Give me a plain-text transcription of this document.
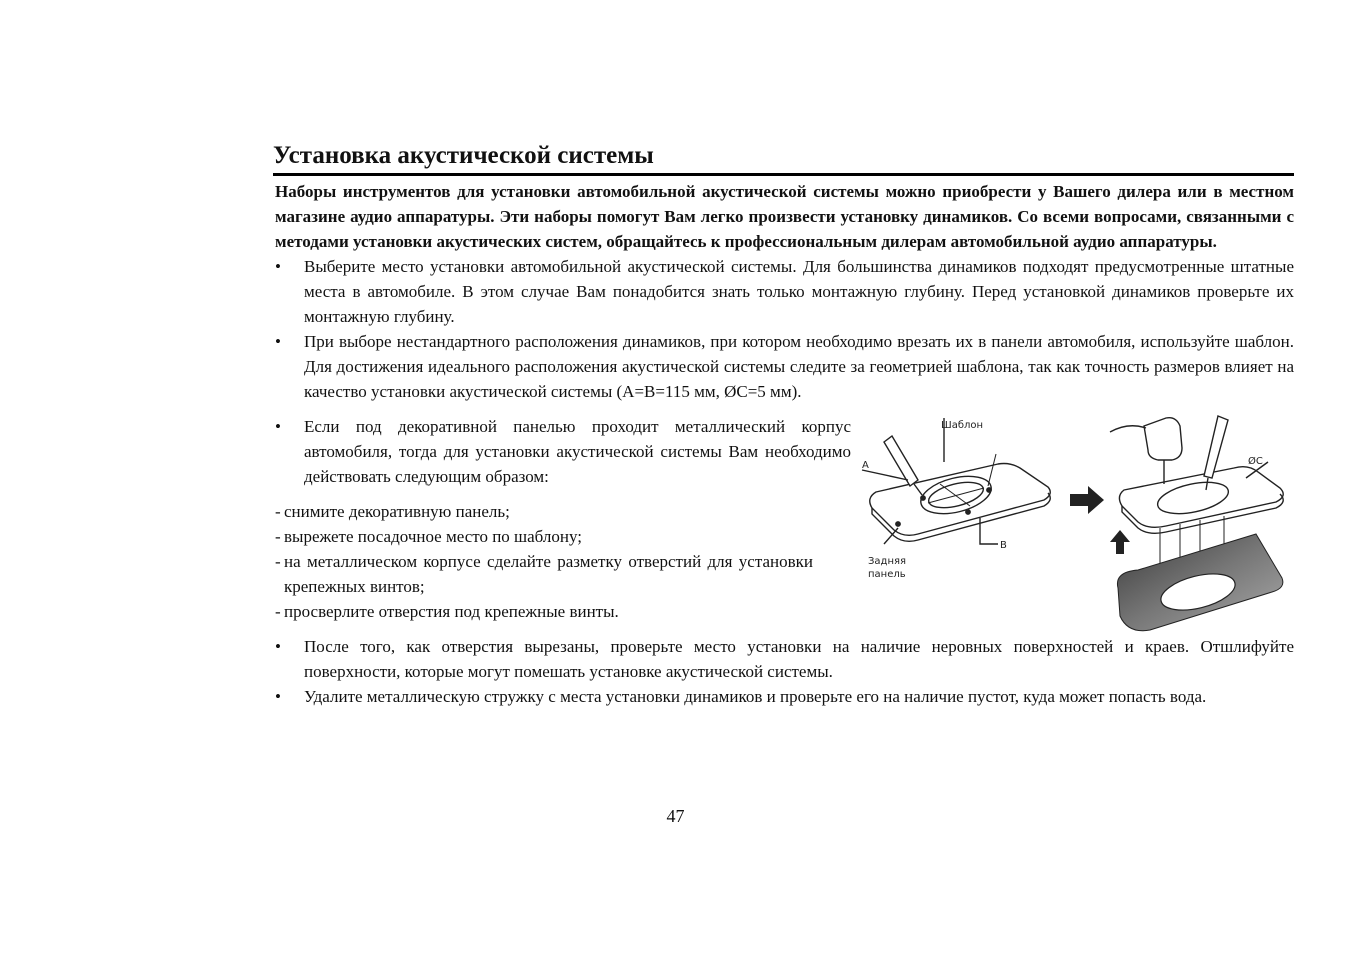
Установка акустической системы

Наборы инструментов для установки автомобильной акустической системы можно приобрести у Вашего дилера или в местном магазине аудио аппаратуры. Эти наборы помогут Вам легко произвести установку динамиков. Со всеми вопросами, связанными с методами установки акустических систем, обращайтесь к профессиональным дилерам автомобильной аудио аппаратуры.

• Выберите место установки автомобильной акустической системы. Для большинства динамиков подходят предусмотренные штатные места в автомобиле. В этом случае Вам понадобится знать только монтажную глубину. Перед установкой динамиков проверьте их монтажную глубину.
• При выборе нестандартного расположения динамиков, при котором необходимо врезать их в панели автомобиля, используйте шаблон. Для достижения идеального расположения акустической системы следите за геометрией шаблона, так как точность размеров влияет на качество установки акустической системы (A=B=115 мм, ØC=5 мм).
• Если под декоративной панелью проходит металлический корпус автомобиля, тогда для установки акустической системы Вам необходимо действовать следующим образом:
- снимите декоративную панель;
- вырежете посадочное место по шаблону;
- на металлическом корпусе сделайте разметку отверстий для установки крепежных винтов;
- просверлите отверстия под крепежные винты.
A
Шаблон
B
Задняя
панель
ØC
• После того, как отверстия вырезаны, проверьте место установки на наличие неровных поверхностей и краев. Отшлифуйте поверхности, которые могут помешать установке акустической системы.
• Удалите металлическую стружку с места установки динамиков и проверьте его на наличие пустот, куда может попасть вода.
47
